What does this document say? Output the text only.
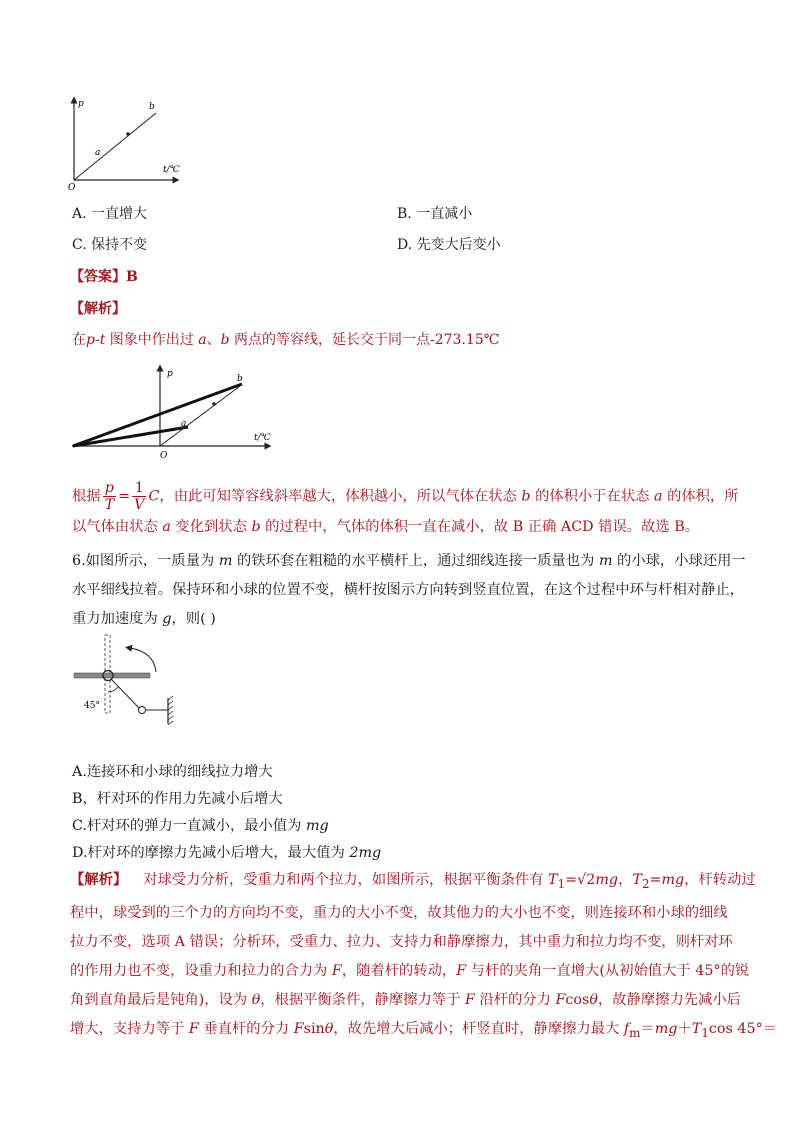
p	b
a
t/℃
O
A. 一直增大	B. 一直减小
C. 保持不变	D. 先变大后变小
【答案】B
【解析】
在p-t 图象中作出过 a、b 两点的等容线，延长交于同一点-273.15℃
p	b
a
t/℃
O
根据 $\frac{p}{T} = \frac{1}{V}$ C，由此可知等容线斜率越大，体积越小，所以气体在状态 b 的体积小于在状态 a 的体积，所
以气体由状态 a 变化到状态 b 的过程中，气体的体积一直在减小，故 B 正确 ACD 错误。故选 B。
6.如图所示，一质量为 m 的铁环套在粗糙的水平横杆上，通过细线连接一质量也为 m 的小球，小球还用一
水平细线拉着。保持环和小球的位置不变，横杆按图示方向转到竖直位置，在这个过程中环与杆相对静止，
重力加速度为 g，则( )
45°
A.连接环和小球的细线拉力增大
B，杆对环的作用力先减小后增大
C.杆对环的弹力一直减小，最小值为 mg
D.杆对环的摩擦力先减小后增大，最大值为 2mg
【解析】 对球受力分析，受重力和两个拉力，如图所示，根据平衡条件有 $T_1=√2mg$，$T_2=mg$，杆转动过
程中，球受到的三个力的方向均不变，重力的大小不变，故其他力的大小也不变，则连接环和小球的细线
拉力不变，选项 A 错误；分析环，受重力、拉力、支持力和静摩擦力，其中重力和拉力均不变，则杆对环
的作用力也不变，设重力和拉力的合力为 F，随着杆的转动，F 与杆的夹角一直增大(从初始值大于 45°的锐
角到直角最后是钝角)，设为 θ，根据平衡条件，静摩擦力等于 F 沿杆的分力 Fcosθ，故静摩擦力先减小后
增大，支持力等于 F 垂直杆的分力 Fsinθ，故先增大后减小；杆竖直时，静摩擦力最大 $f_m=mg+T_1\cos$ 45°＝
